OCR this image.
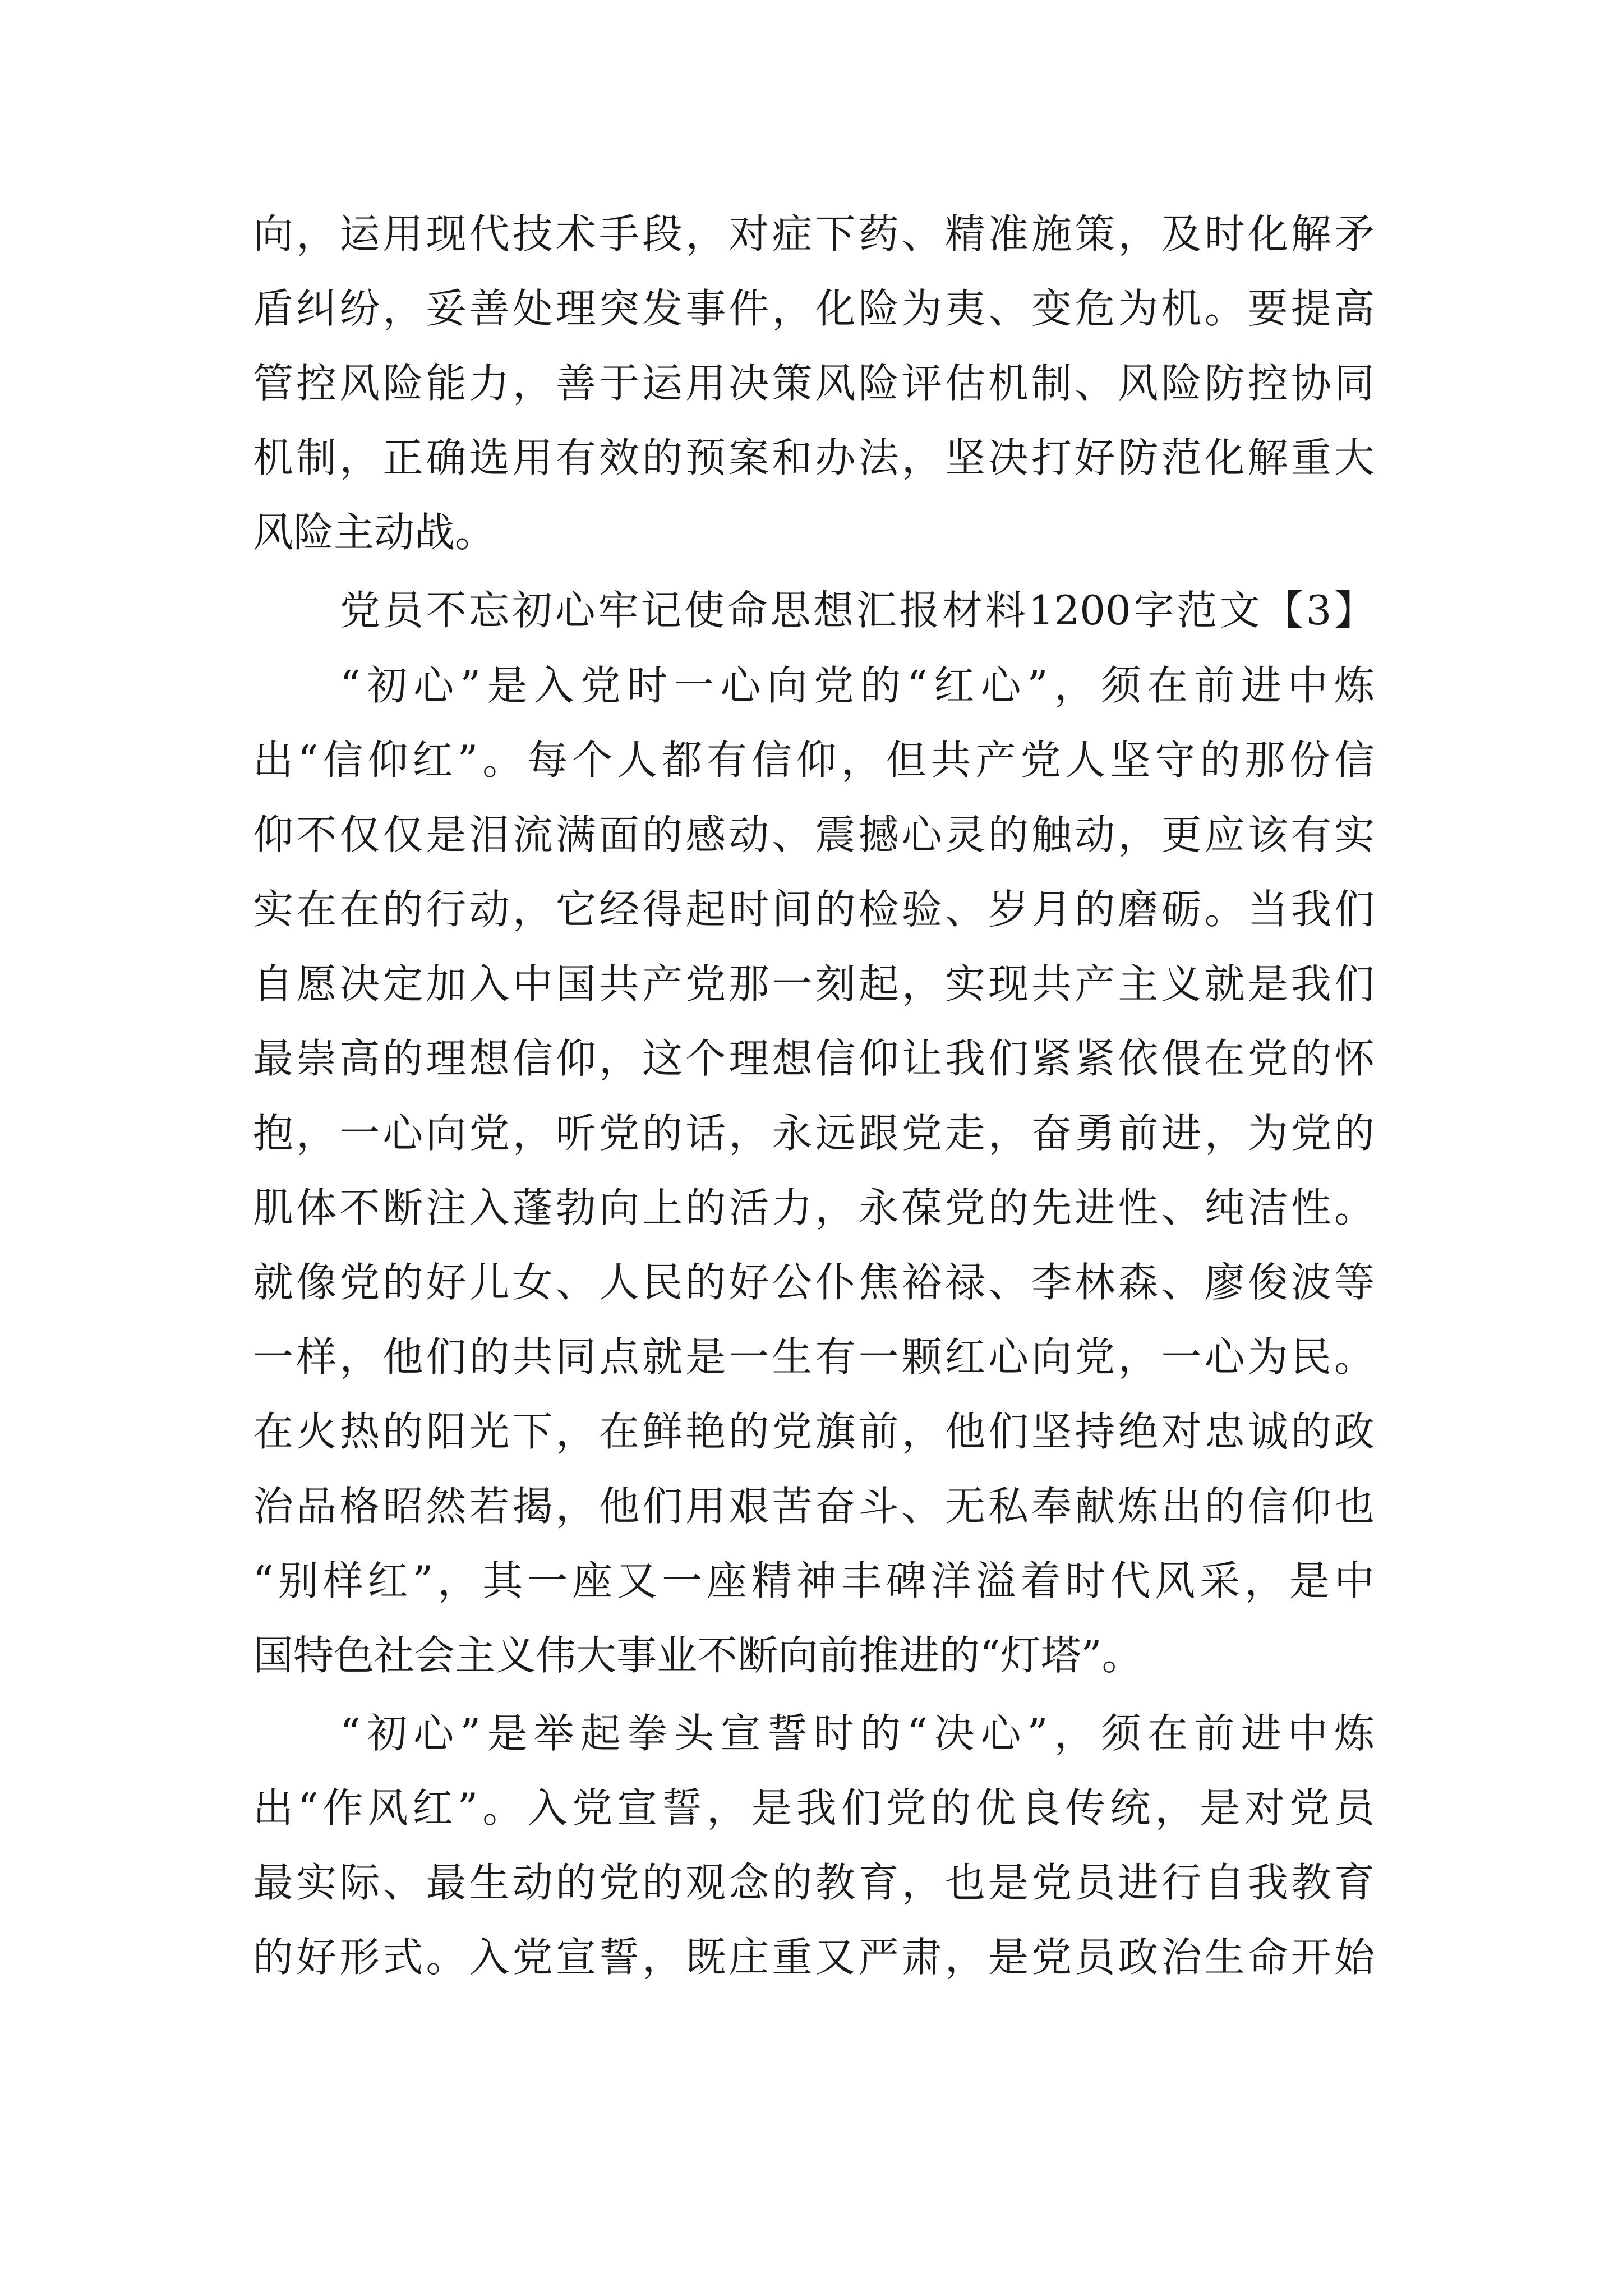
向，运用现代技术手段，对症下药、精准施策，及时化解矛
盾纠纷，妥善处理突发事件，化险为夷、变危为机。要提高
管控风险能力，善于运用决策风险评估机制、风险防控协同
机制，正确选用有效的预案和办法，坚决打好防范化解重大
风险主动战。
党员不忘初心牢记使命思想汇报材料1200字范文【3】
“初心”是入党时一心向党的“红心”，须在前进中炼
出“信仰红”。每个人都有信仰，但共产党人坚守的那份信
仰不仅仅是泪流满面的感动、震撼心灵的触动，更应该有实
实在在的行动，它经得起时间的检验、岁月的磨砺。当我们
自愿决定加入中国共产党那一刻起，实现共产主义就是我们
最崇高的理想信仰，这个理想信仰让我们紧紧依偎在党的怀
抱，一心向党，听党的话，永远跟党走，奋勇前进，为党的
肌体不断注入蓬勃向上的活力，永葆党的先进性、纯洁性。
就像党的好儿女、人民的好公仆焦裕禄、李林森、廖俊波等
一样，他们的共同点就是一生有一颗红心向党，一心为民。
在火热的阳光下，在鲜艳的党旗前，他们坚持绝对忠诚的政
治品格昭然若揭，他们用艰苦奋斗、无私奉献炼出的信仰也
“别样红”，其一座又一座精神丰碑洋溢着时代风采，是中
国特色社会主义伟大事业不断向前推进的“灯塔”。
“初心”是举起拳头宣誓时的“决心”，须在前进中炼
出“作风红”。入党宣誓，是我们党的优良传统，是对党员
最实际、最生动的党的观念的教育，也是党员进行自我教育
的好形式。入党宣誓，既庄重又严肃，是党员政治生命开始
